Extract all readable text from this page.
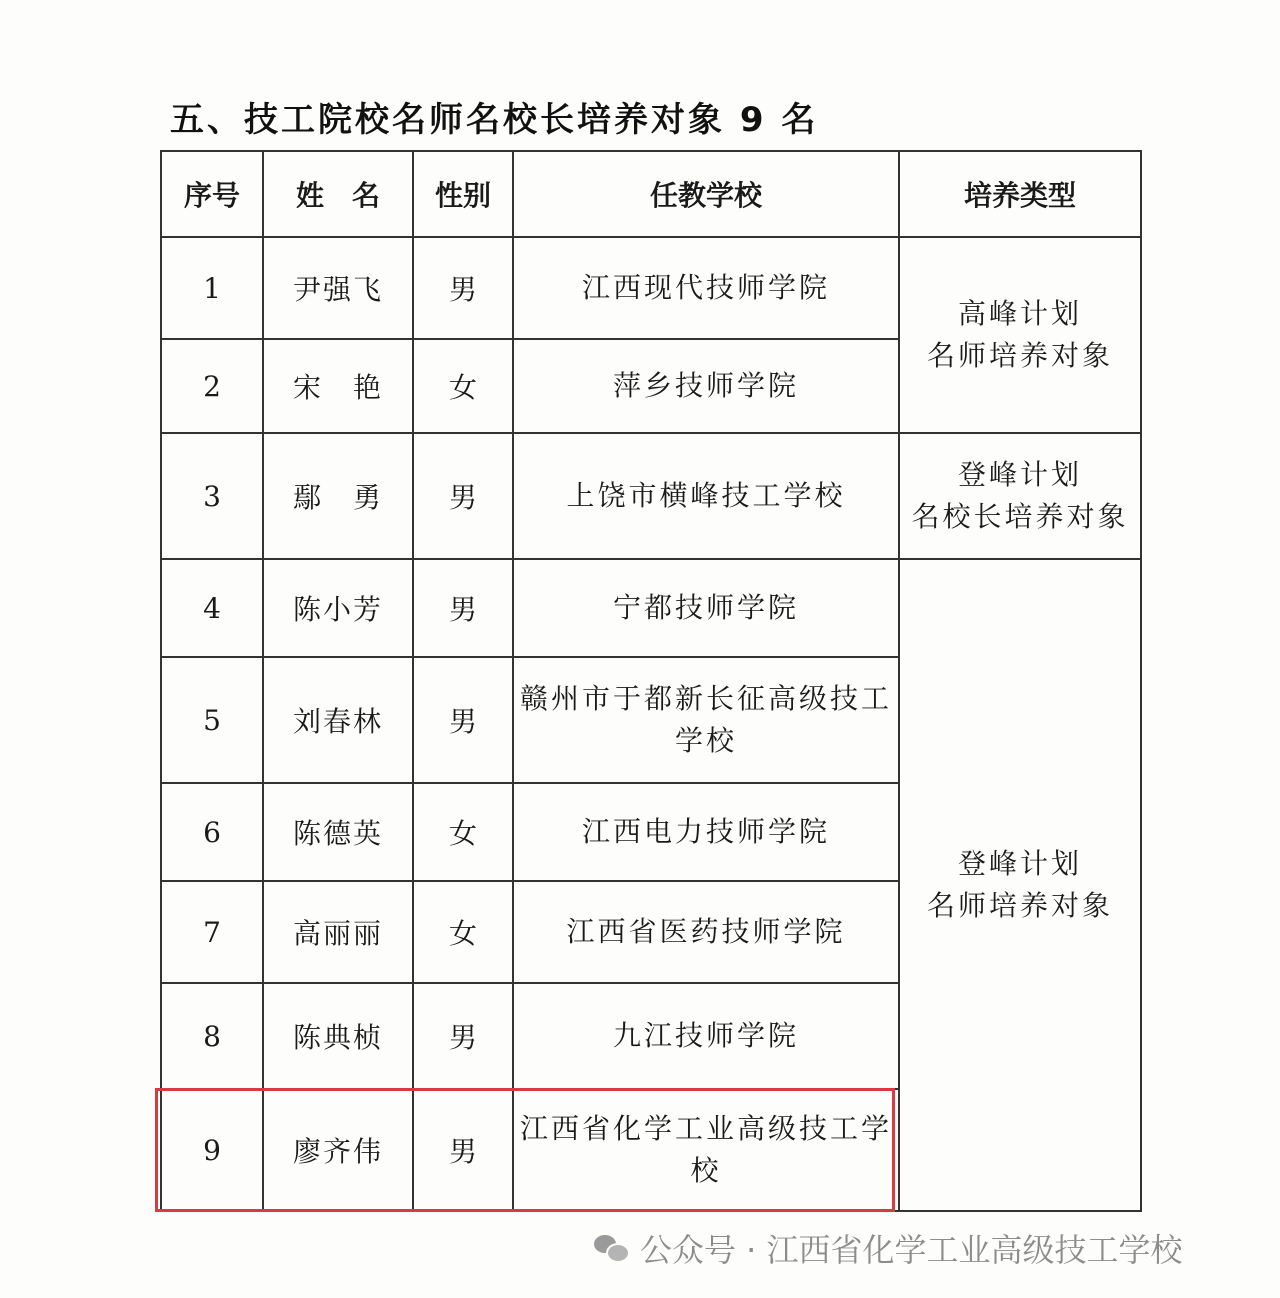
五、技工院校名师名校长培养对象 9 名
序号	姓　名	性别	任教学校	培养类型
1	尹强飞	男	江西现代技师学院	高峰计划
名师培养对象

2	宋　艳	女	萍乡技师学院	
3	鄢　勇	男	上饶市横峰技工学校	登峰计划
名校长培养对象

4	陈小芳	男	宁都技师学院	登峰计划
名师培养对象

5	刘春林	男	赣州市于都新长征高级技工学校	
6	陈德英	女	江西电力技师学院	
7	高丽丽	女	江西省医药技师学院	
8	陈典桢	男	九江技师学院	
9	廖齐伟	男	江西省化学工业高级技工学校	
公众号 · 江西省化学工业高级技工学校
